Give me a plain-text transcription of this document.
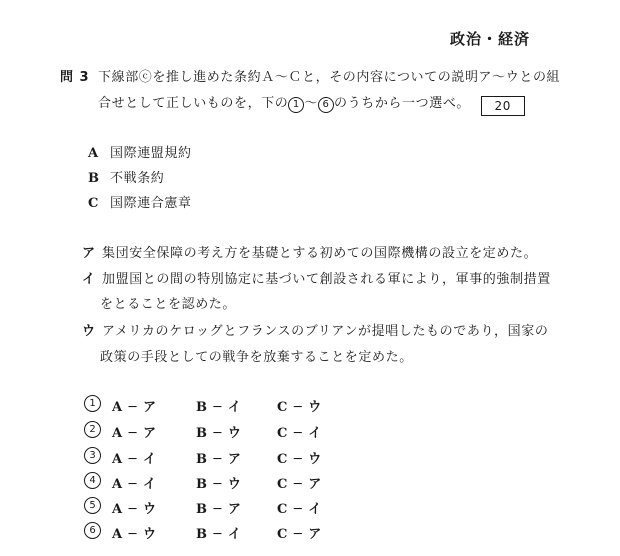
政治・経済
問 3 下線部ⓒを推し進めた条約Ａ～Ｃと，その内容についての説明ア～ウとの組
合せとして正しいものを，下の 1 ～ 6 のうちから一つ選べ。 20
A 国際連盟規約
B 不戦条約
C 国際連合憲章
ア 集団安全保障の考え方を基礎とする初めての国際機構の設立を定めた。
イ 加盟国との間の特別協定に基づいて創設される軍により，軍事的強制措置
をとることを認めた。
ウ アメリカのケロッグとフランスのブリアンが提唱したものであり，国家の
政策の手段としての戦争を放棄することを定めた。
1	A ─ ア	B ─ イ	C ─ ウ
2	A ─ ア	B ─ ウ	C ─ イ
3	A ─ イ	B ─ ア	C ─ ウ
4	A ─ イ	B ─ ウ	C ─ ア
5	A ─ ウ	B ─ ア	C ─ イ
6	A ─ ウ	B ─ イ	C ─ ア
